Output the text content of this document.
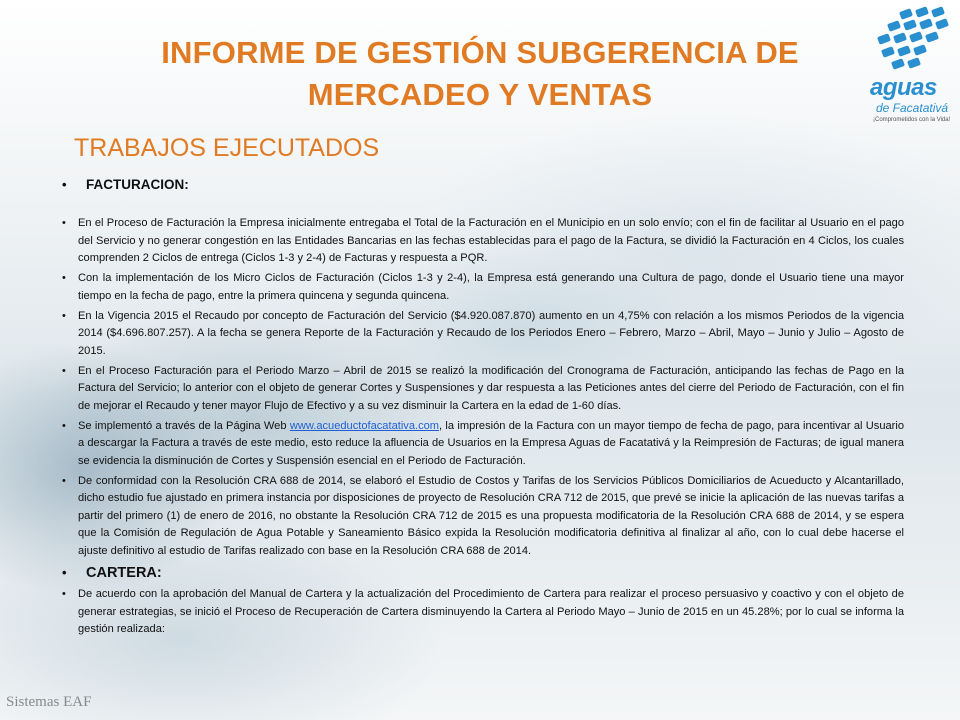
INFORME DE GESTIÓN SUBGERENCIA DE
MERCADEO Y VENTAS
TRABAJOS EJECUTADOS
aguas
de Facatativá
¡Comprometidos con la Vida!
• FACTURACION:
• En el Proceso de Facturación la Empresa inicialmente entregaba el Total de la Facturación en el Municipio en un solo envío; con el fin de facilitar al Usuario en el pago del Servicio y no generar congestión en las Entidades Bancarias en las fechas establecidas para el pago de la Factura, se dividió la Facturación en 4 Ciclos, los cuales comprenden 2 Ciclos de entrega (Ciclos 1-3 y 2-4) de Facturas y respuesta a PQR.
• Con la implementación de los Micro Ciclos de Facturación (Ciclos 1-3 y 2-4), la Empresa está generando una Cultura de pago, donde el Usuario tiene una mayor tiempo en la fecha de pago, entre la primera quincena y segunda quincena.
• En la Vigencia 2015 el Recaudo por concepto de Facturación del Servicio ($4.920.087.870) aumento en un 4,75% con relación a los mismos Periodos de la vigencia 2014 ($4.696.807.257). A la fecha se genera Reporte de la Facturación y Recaudo de los Periodos Enero – Febrero, Marzo – Abril, Mayo – Junio y Julio – Agosto de 2015.
• En el Proceso Facturación para el Periodo Marzo – Abril de 2015 se realizó la modificación del Cronograma de Facturación, anticipando las fechas de Pago en la Factura del Servicio; lo anterior con el objeto de generar Cortes y Suspensiones y dar respuesta a las Peticiones antes del cierre del Periodo de Facturación, con el fin de mejorar el Recaudo y tener mayor Flujo de Efectivo y a su vez disminuir la Cartera en la edad de 1-60 días.
• Se implementó a través de la Página Web www.acueductofacatativa.com, la impresión de la Factura con un mayor tiempo de fecha de pago, para incentivar al Usuario a descargar la Factura a través de este medio, esto reduce la afluencia de Usuarios en la Empresa Aguas de Facatativá y la Reimpresión de Facturas; de igual manera se evidencia la disminución de Cortes y Suspensión esencial en el Periodo de Facturación.
• De conformidad con la Resolución CRA 688 de 2014, se elaboró el Estudio de Costos y Tarifas de los Servicios Públicos Domiciliarios de Acueducto y Alcantarillado, dicho estudio fue ajustado en primera instancia por disposiciones de proyecto de Resolución CRA 712 de 2015, que prevé se inicie la aplicación de las nuevas tarifas a partir del primero (1) de enero de 2016, no obstante la Resolución CRA 712 de 2015 es una propuesta modificatoria de la Resolución CRA 688 de 2014, y se espera que la Comisión de Regulación de Agua Potable y Saneamiento Básico expida la Resolución modificatoria definitiva al finalizar al año, con lo cual debe hacerse el ajuste definitivo al estudio de Tarifas realizado con base en la Resolución CRA 688 de 2014.
• CARTERA:
• De acuerdo con la aprobación del Manual de Cartera y la actualización del Procedimiento de Cartera para realizar el proceso persuasivo y coactivo y con el objeto de generar estrategias, se inició el Proceso de Recuperación de Cartera disminuyendo la Cartera al Periodo Mayo – Junio de 2015 en un 45.28%; por lo cual se informa la gestión realizada:
Sistemas EAF
